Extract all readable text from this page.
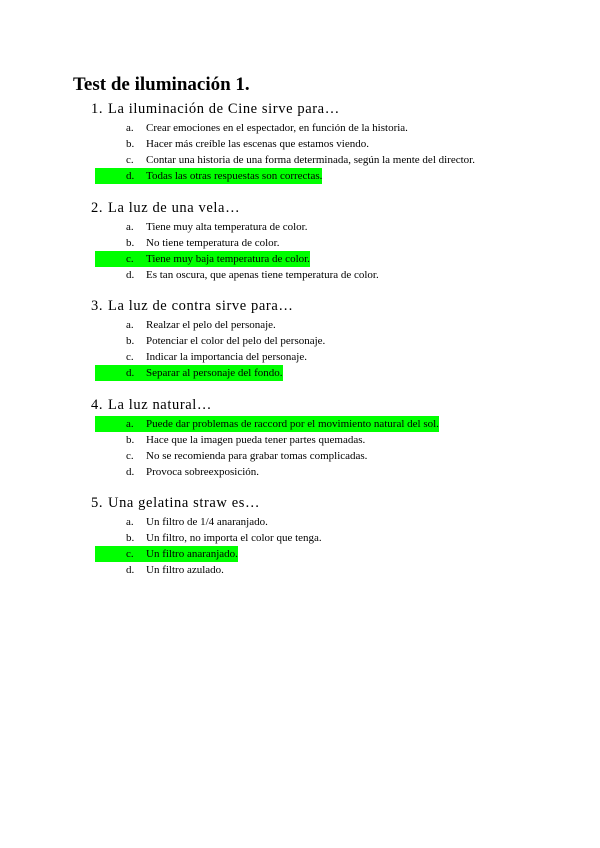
Test de iluminación 1.
1. La iluminación de Cine sirve para…
a.	Crear emociones en el espectador, en función de la historia.
b.	Hacer más creíble las escenas que estamos viendo.
c.	Contar una historia de una forma determinada, según la mente del director.
d.	Todas las otras respuestas son correctas.
2. La luz de una vela…
a.	Tiene muy alta temperatura de color.
b.	No tiene temperatura de color.
c.	Tiene muy baja temperatura de color.
d.	Es tan oscura, que apenas tiene temperatura de color.
3. La luz de contra sirve para…
a.	Realzar el pelo del personaje.
b.	Potenciar el color del pelo del personaje.
c.	Indicar la importancia del personaje.
d.	Separar al personaje del fondo.
4. La luz natural…
a.	Puede dar problemas de raccord por el movimiento natural del sol.
b.	Hace que la imagen pueda tener partes quemadas.
c.	No se recomienda para grabar tomas complicadas.
d.	Provoca sobreexposición.
5. Una gelatina straw es…
a.	Un filtro de 1/4 anaranjado.
b.	Un filtro, no importa el color que tenga.
c.	Un filtro anaranjado.
d.	Un filtro azulado.
